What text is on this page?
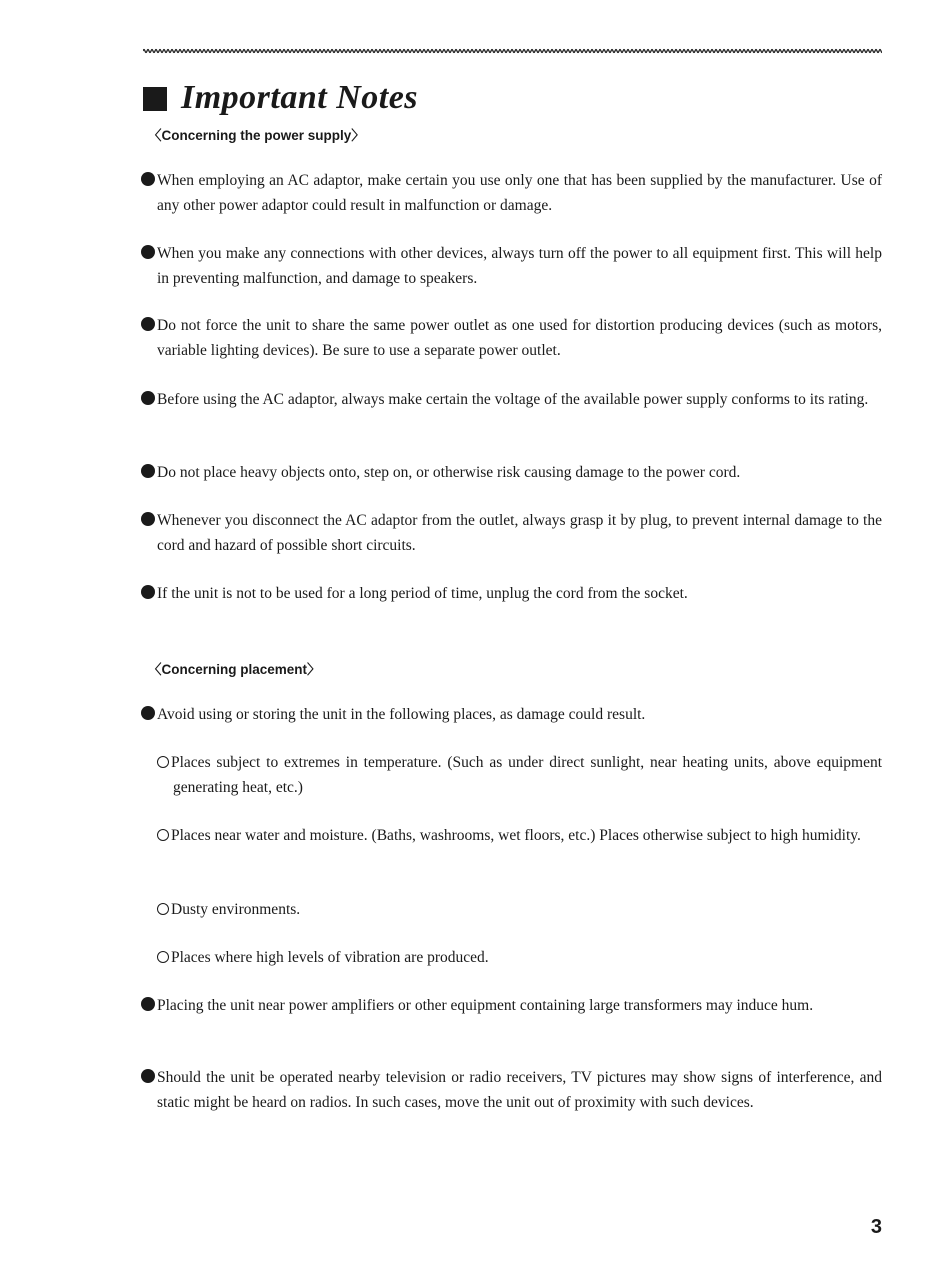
Important Notes
〈Concerning the power supply〉
When employing an AC adaptor, make certain you use only one that has been supplied by the manufacturer. Use of any other power adaptor could result in malfunction or damage.
When you make any connections with other devices, always turn off the power to all equipment first. This will help in preventing malfunction, and damage to speakers.
Do not force the unit to share the same power outlet as one used for distortion producing devices (such as motors, variable lighting devices). Be sure to use a separate power outlet.
Before using the AC adaptor, always make certain the voltage of the available power supply conforms to its rating.
Do not place heavy objects onto, step on, or otherwise risk causing damage to the power cord.
Whenever you disconnect the AC adaptor from the outlet, always grasp it by plug, to prevent internal damage to the cord and hazard of possible short circuits.
If the unit is not to be used for a long period of time, unplug the cord from the socket.
〈Concerning placement〉
Avoid using or storing the unit in the following places, as damage could result.
Places subject to extremes in temperature. (Such as under direct sunlight, near heating units, above equipment generating heat, etc.)
Places near water and moisture. (Baths, washrooms, wet floors, etc.) Places otherwise subject to high humidity.
Dusty environments.
Places where high levels of vibration are produced.
Placing the unit near power amplifiers or other equipment containing large transformers may induce hum.
Should the unit be operated nearby television or radio receivers, TV pictures may show signs of interference, and static might be heard on radios. In such cases, move the unit out of proximity with such devices.
3
